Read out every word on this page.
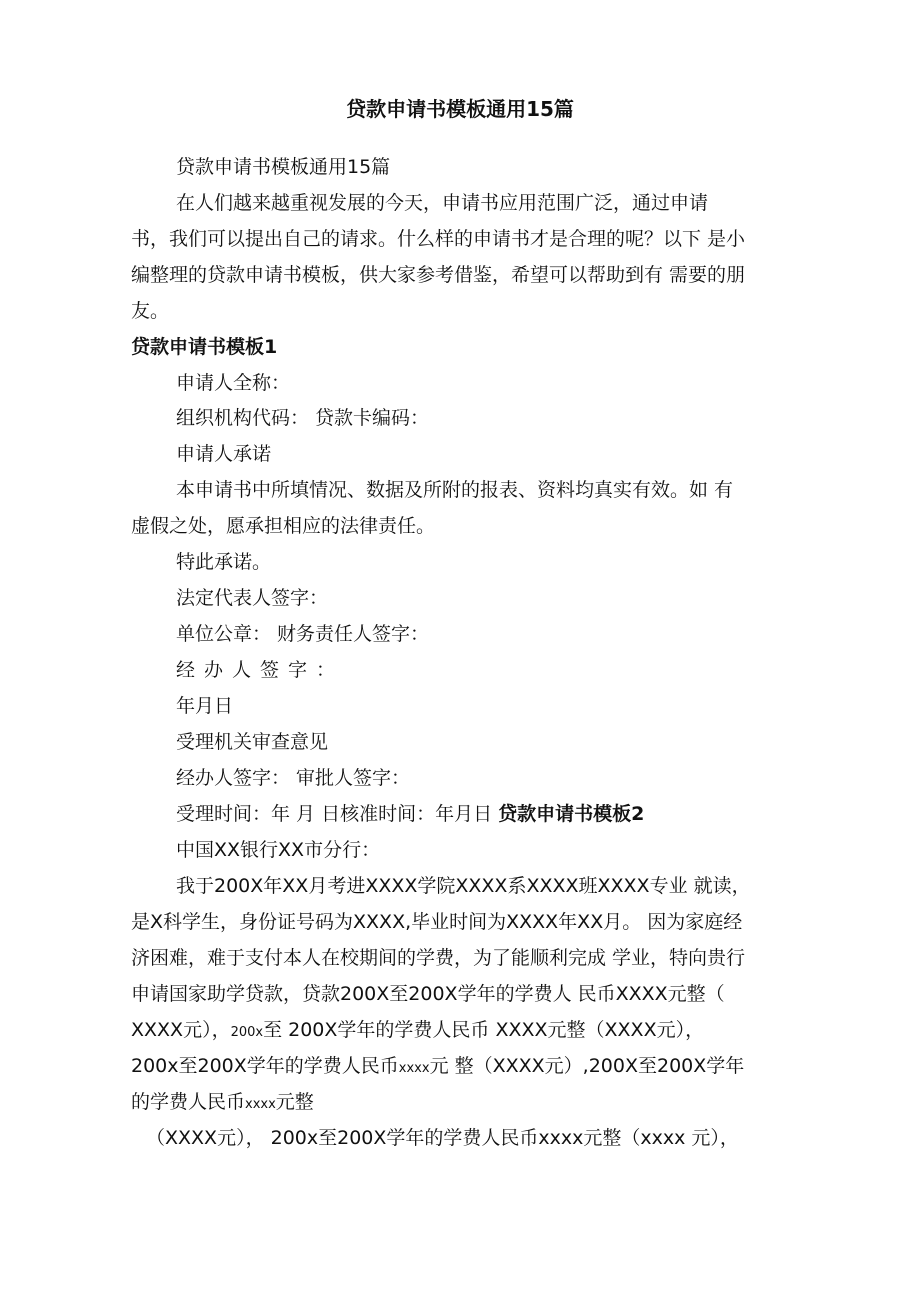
贷款申请书模板通用15篇
贷款申请书模板通用15篇
在人们越来越重视发展的今天，申请书应用范围广泛，通过申请
书，我们可以提出自己的请求。什么样的申请书才是合理的呢？以下 是小
编整理的贷款申请书模板，供大家参考借鉴，希望可以帮助到有 需要的朋
友。
贷款申请书模板1
申请人全称：
组织机构代码： 贷款卡编码：
申请人承诺
本申请书中所填情况、数据及所附的报表、资料均真实有效。如 有
虚假之处，愿承担相应的法律责任。
特此承诺。
法定代表人签字：
单位公章： 财务责任人签字：
经办人签字：
年月日
受理机关审查意见
经办人签字： 审批人签字：
受理时间：年 月 日核准时间：年月日 贷款申请书模板2
中国XX银行XX市分行：
我于200X年XX月考进XXXX学院XXXX系XXXX班XXXX专业 就读，
是X科学生，身份证号码为XXXX,毕业时间为XXXX年XX月。 因为家庭经
济困难，难于支付本人在校期间的学费，为了能顺利完成 学业，特向贵行
申请国家助学贷款，贷款200X至200X学年的学费人 民币XXXX元整（
XXXX元），200x至 200X学年的学费人民币 XXXX元整（XXXX元），
200x至200X学年的学费人民币xxxx元 整（XXXX元）,200X至200X学年
的学费人民币xxxx元整
（XXXX元）， 200x至200X学年的学费人民币xxxx元整（xxxx 元），
